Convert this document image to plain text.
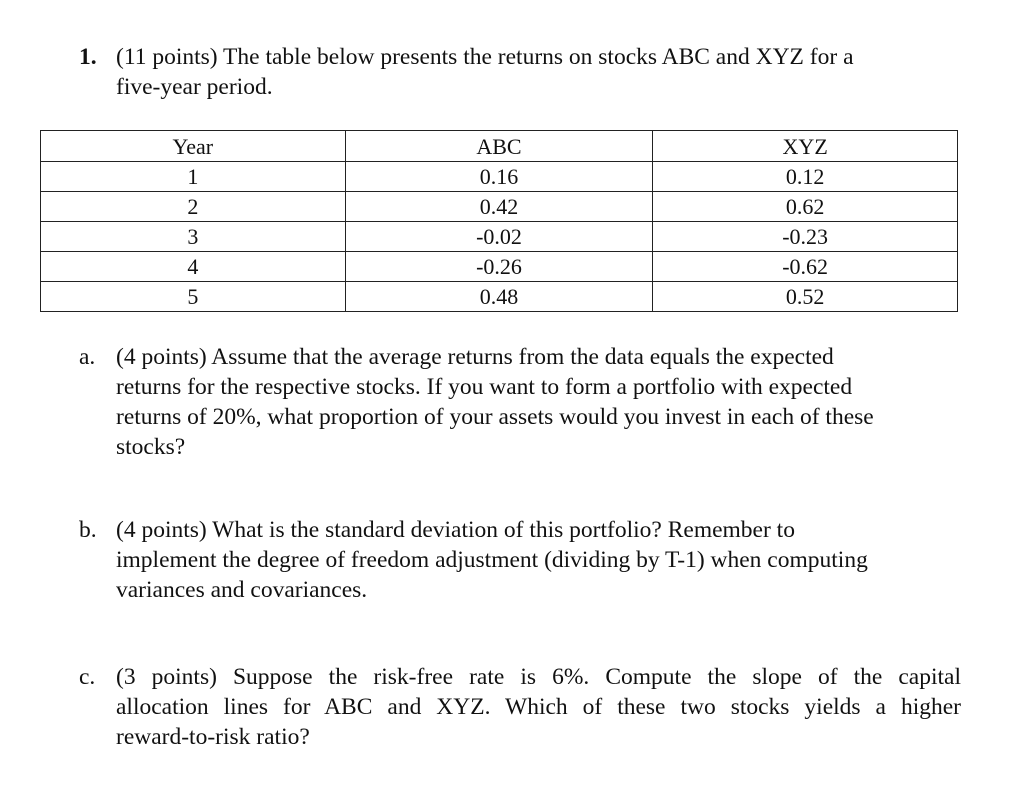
1. (11 points) The table below presents the returns on stocks ABC and XYZ for a
five-year period.
Year	ABC	XYZ
1	0.16	0.12
2	0.42	0.62
3	-0.02	-0.23
4	-0.26	-0.62
5	0.48	0.52
a. (4 points) Assume that the average returns from the data equals the expected
returns for the respective stocks. If you want to form a portfolio with expected
returns of 20%, what proportion of your assets would you invest in each of these
stocks?
b. (4 points) What is the standard deviation of this portfolio? Remember to
implement the degree of freedom adjustment (dividing by T-1) when computing
variances and covariances.
c. (3 points) Suppose the risk-free rate is 6%. Compute the slope of the capital
allocation lines for ABC and XYZ. Which of these two stocks yields a higher
reward-to-risk ratio?
